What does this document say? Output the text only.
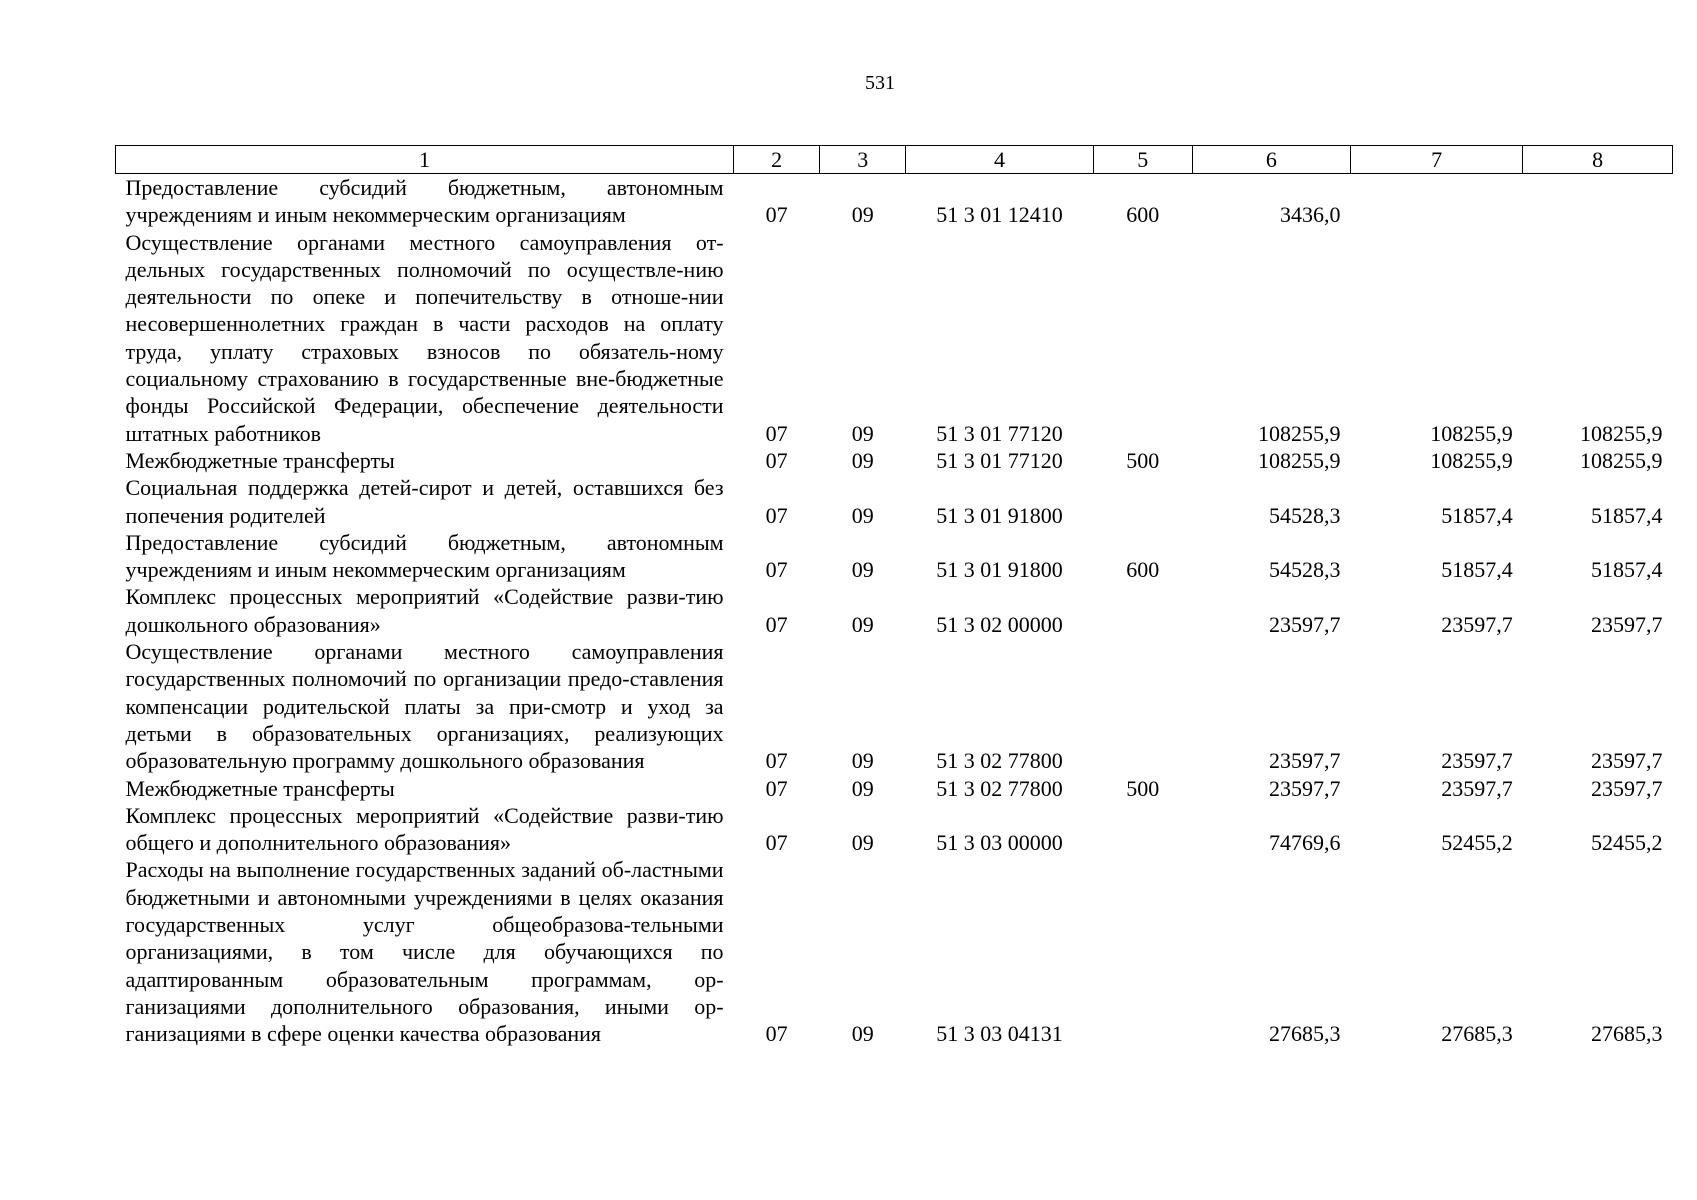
531
1	2	3	4	5	6	7	8
Предоставление субсидий бюджетным, автономным учреждениям и иным некоммерческим организациям	07	09	51 3 01 12410	600	3436,0		
Осуществление органами местного самоуправления от-дельных государственных полномочий по осуществле-нию деятельности по опеке и попечительству в отноше-нии несовершеннолетних граждан в части расходов на оплату труда, уплату страховых взносов по обязатель-ному социальному страхованию в государственные вне-бюджетные фонды Российской Федерации, обеспечение деятельности штатных работников	07	09	51 3 01 77120		108255,9	108255,9	108255,9
Межбюджетные трансферты	07	09	51 3 01 77120	500	108255,9	108255,9	108255,9
Социальная поддержка детей-сирот и детей, оставшихся без попечения родителей	07	09	51 3 01 91800		54528,3	51857,4	51857,4
Предоставление субсидий бюджетным, автономным учреждениям и иным некоммерческим организациям	07	09	51 3 01 91800	600	54528,3	51857,4	51857,4
Комплекс процессных мероприятий «Содействие разви-тию дошкольного образования»	07	09	51 3 02 00000		23597,7	23597,7	23597,7
Осуществление органами местного самоуправления государственных полномочий по организации предо-ставления компенсации родительской платы за при-смотр и уход за детьми в образовательных организациях, реализующих образовательную программу дошкольного образования	07	09	51 3 02 77800		23597,7	23597,7	23597,7
Межбюджетные трансферты	07	09	51 3 02 77800	500	23597,7	23597,7	23597,7
Комплекс процессных мероприятий «Содействие разви-тию общего и дополнительного образования»	07	09	51 3 03 00000		74769,6	52455,2	52455,2
Расходы на выполнение государственных заданий об-ластными бюджетными и автономными учреждениями в целях оказания государственных услуг общеобразова-тельными организациями, в том числе для обучающихся по адаптированным образовательным программам, ор-ганизациями дополнительного образования, иными ор-ганизациями в сфере оценки качества образования	07	09	51 3 03 04131		27685,3	27685,3	27685,3
